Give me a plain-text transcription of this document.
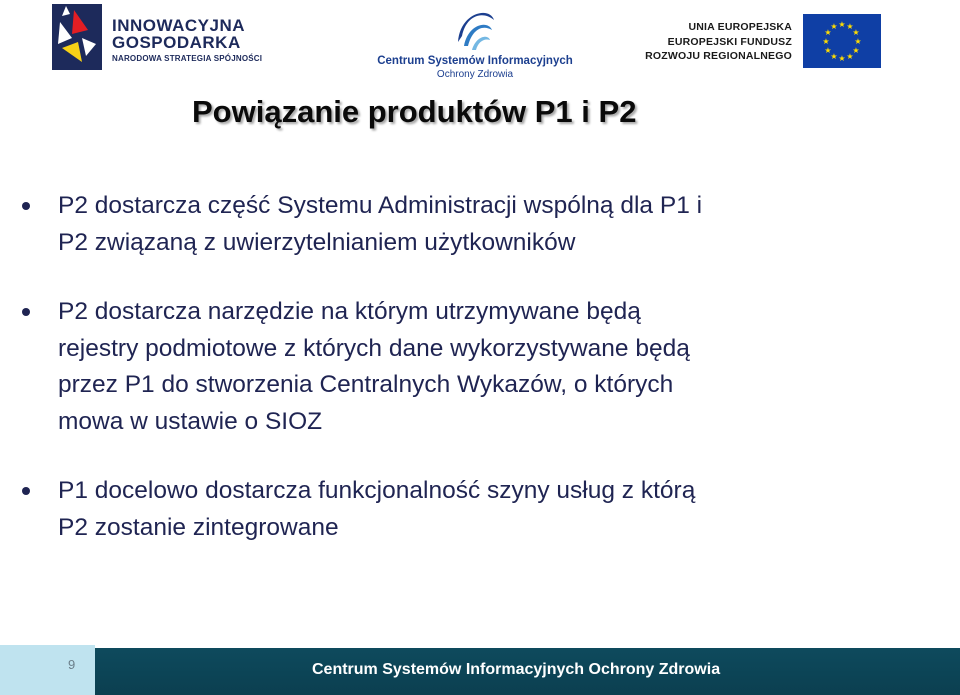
INNOWACYJNA
GOSPODARKA
NARODOWA STRATEGIA SPÓJNOŚCI	Centrum Systemów Informacyjnych
Ochrony Zdrowia
UNIA EUROPEJSKA
EUROPEJSKI FUNDUSZ
ROZWOJU REGIONALNEGO
★ ★
★
★
★
★
★
★
★
★
★
★
Powiązanie produktów P1 i P2
P2 dostarcza część Systemu Administracji wspólną dla P1 i
P2 związaną z uwierzytelnianiem użytkowników
P2 dostarcza narzędzie na którym utrzymywane będą
rejestry podmiotowe z których dane wykorzystywane będą
przez P1 do stworzenia Centralnych Wykazów, o których
mowa w ustawie o SIOZ
P1 docelowo dostarcza funkcjonalność szyny usług z którą
P2 zostanie zintegrowane
9	Centrum Systemów Informacyjnych Ochrony Zdrowia
